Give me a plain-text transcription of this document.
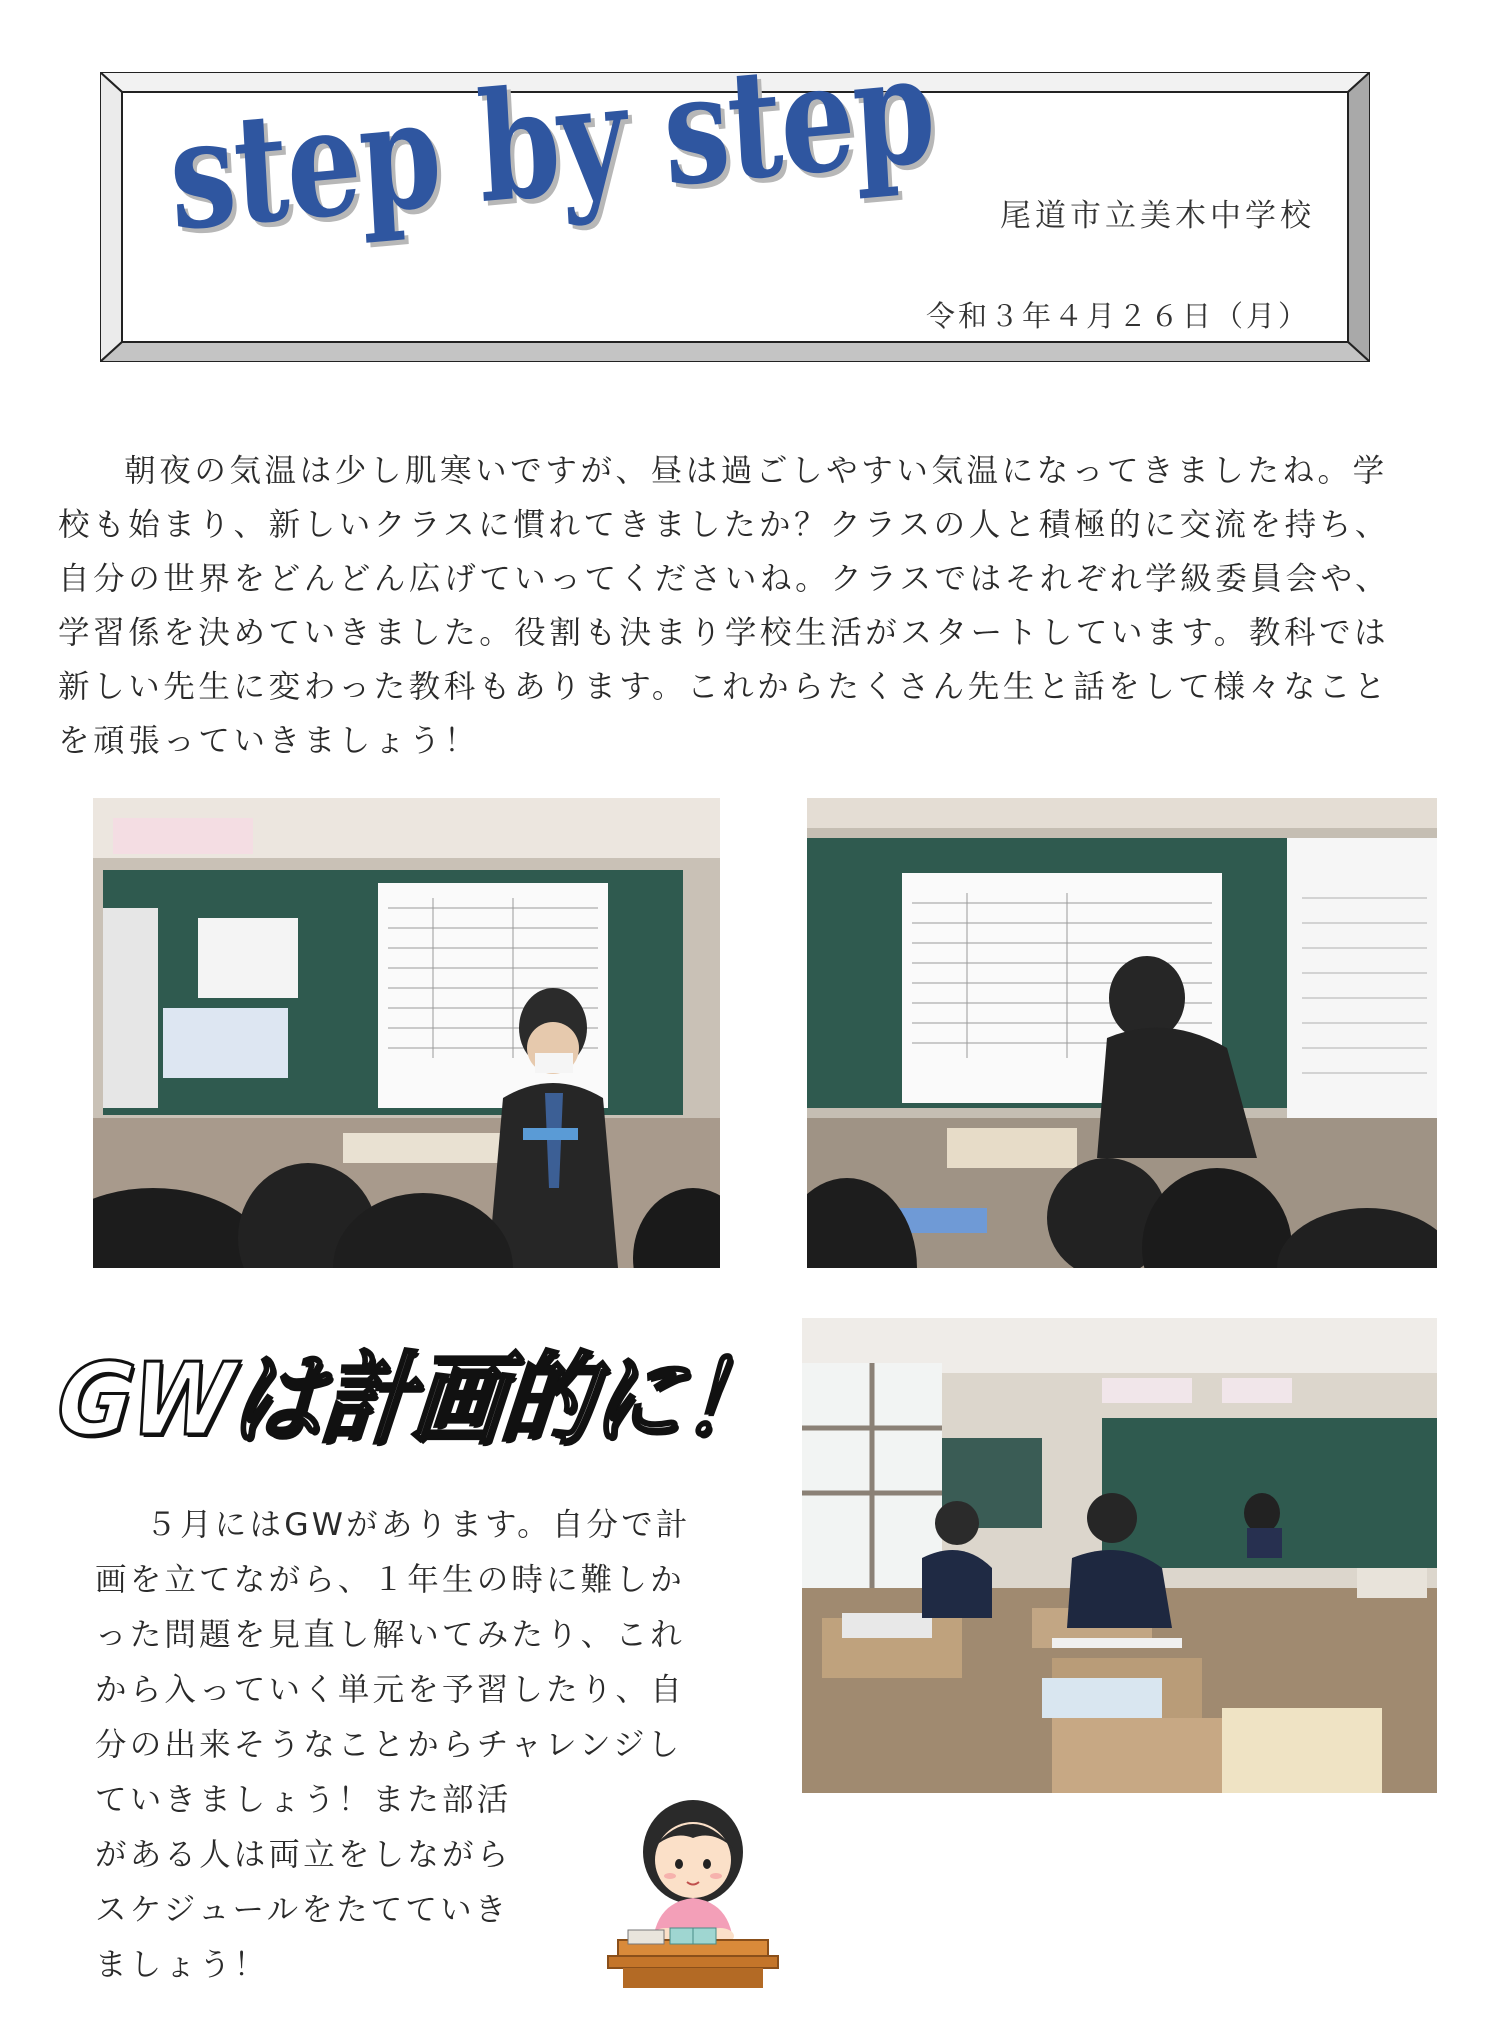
step by step 尾道市立美木中学校
令和３年４月２６日（月）

朝夜の気温は少し肌寒いですが、昼は過ごしやすい気温になってきましたね。学校も始まり、新しいクラスに慣れてきましたか？クラスの人と積極的に交流を持ち、自分の世界をどんどん広げていってくださいね。クラスではそれぞれ学級委員会や、学習係を決めていきました。役割も決まり学校生活がスタートしています。教科では新しい先生に変わった教科もあります。これからたくさん先生と話をして様々なことを頑張っていきましょう！

GWは計画的に！
５月にはGWがあります。自分で計
画を立てながら、１年生の時に難しか
った問題を見直し解いてみたり、これ
から入っていく単元を予習したり、自
分の出来そうなことからチャレンジし
ていきましょう！また部活
がある人は両立をしながら
スケジュールをたてていき
ましょう！
